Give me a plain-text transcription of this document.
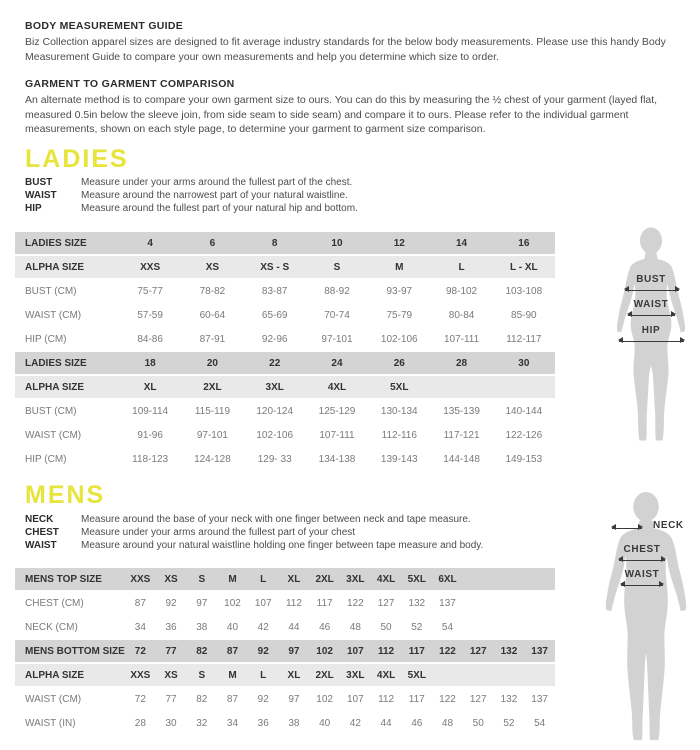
BODY MEASUREMENT GUIDE

Biz Collection apparel sizes are designed to fit average industry standards for the below body measurements. Please use this handy Body Measurement Guide to compare your own measurements and help you determine which size to order.

GARMENT TO GARMENT COMPARISON

An alternate method is to compare your own garment size to ours. You can do this by measuring the ½ chest of your garment (layed flat, measured 0.5in below the sleeve join, from side seam to side seam) and compare it to ours. Please refer to the individual garment measurements, shown on each style page, to determine your garment to garment size comparison.

LADIES
BUST	Measure under your arms around the fullest part of the chest.
WAIST	Measure around the narrowest part of your natural waistline.
HIP	Measure around the fullest part of your natural hip and bottom.
LADIES SIZE	4	6	8	10	12	14	16
ALPHA SIZE	XXS	XS	XS - S	S	M	L	L - XL
BUST (CM)	75-77	78-82	83-87	88-92	93-97	98-102	103-108
WAIST (CM)	57-59	60-64	65-69	70-74	75-79	80-84	85-90
HIP (CM)	84-86	87-91	92-96	97-101	102-106	107-111	112-117
LADIES SIZE	18	20	22	24	26	28	30
ALPHA SIZE	XL	2XL	3XL	4XL	5XL
BUST (CM)	109-114	115-119	120-124	125-129	130-134	135-139	140-144
WAIST (CM)	91-96	97-101	102-106	107-111	112-116	117-121	122-126
HIP (CM)	118-123	124-128	129- 33	134-138	139-143	144-148	149-153
BUST
WAIST
HIP
MENS
NECK	Measure around the base of your neck with one finger between neck and tape measure.
CHEST	Measure under your arms around the fullest part of your chest
WAIST	Measure around your natural waistline holding one finger between tape measure and body.
MENS TOP SIZE	XXS	XS	S	M	L	XL	2XL	3XL	4XL	5XL	6XL
CHEST (CM)	87	92	97	102	107	112	117	122	127	132	137
NECK (CM)	34	36	38	40	42	44	46	48	50	52	54
MENS BOTTOM SIZE 72	77	82	87	92	97	102	107	112	117	122	127	132	137
ALPHA SIZE	XXS	XS	S	M	L	XL	2XL	3XL	4XL	5XL
WAIST (CM)	72	77	82	87	92	97	102	107	112	117	122	127	132	137
WAIST (IN)	28	30	32	34	36	38	40	42	44	46	48	50	52	54
NECK
CHEST
WAIST
